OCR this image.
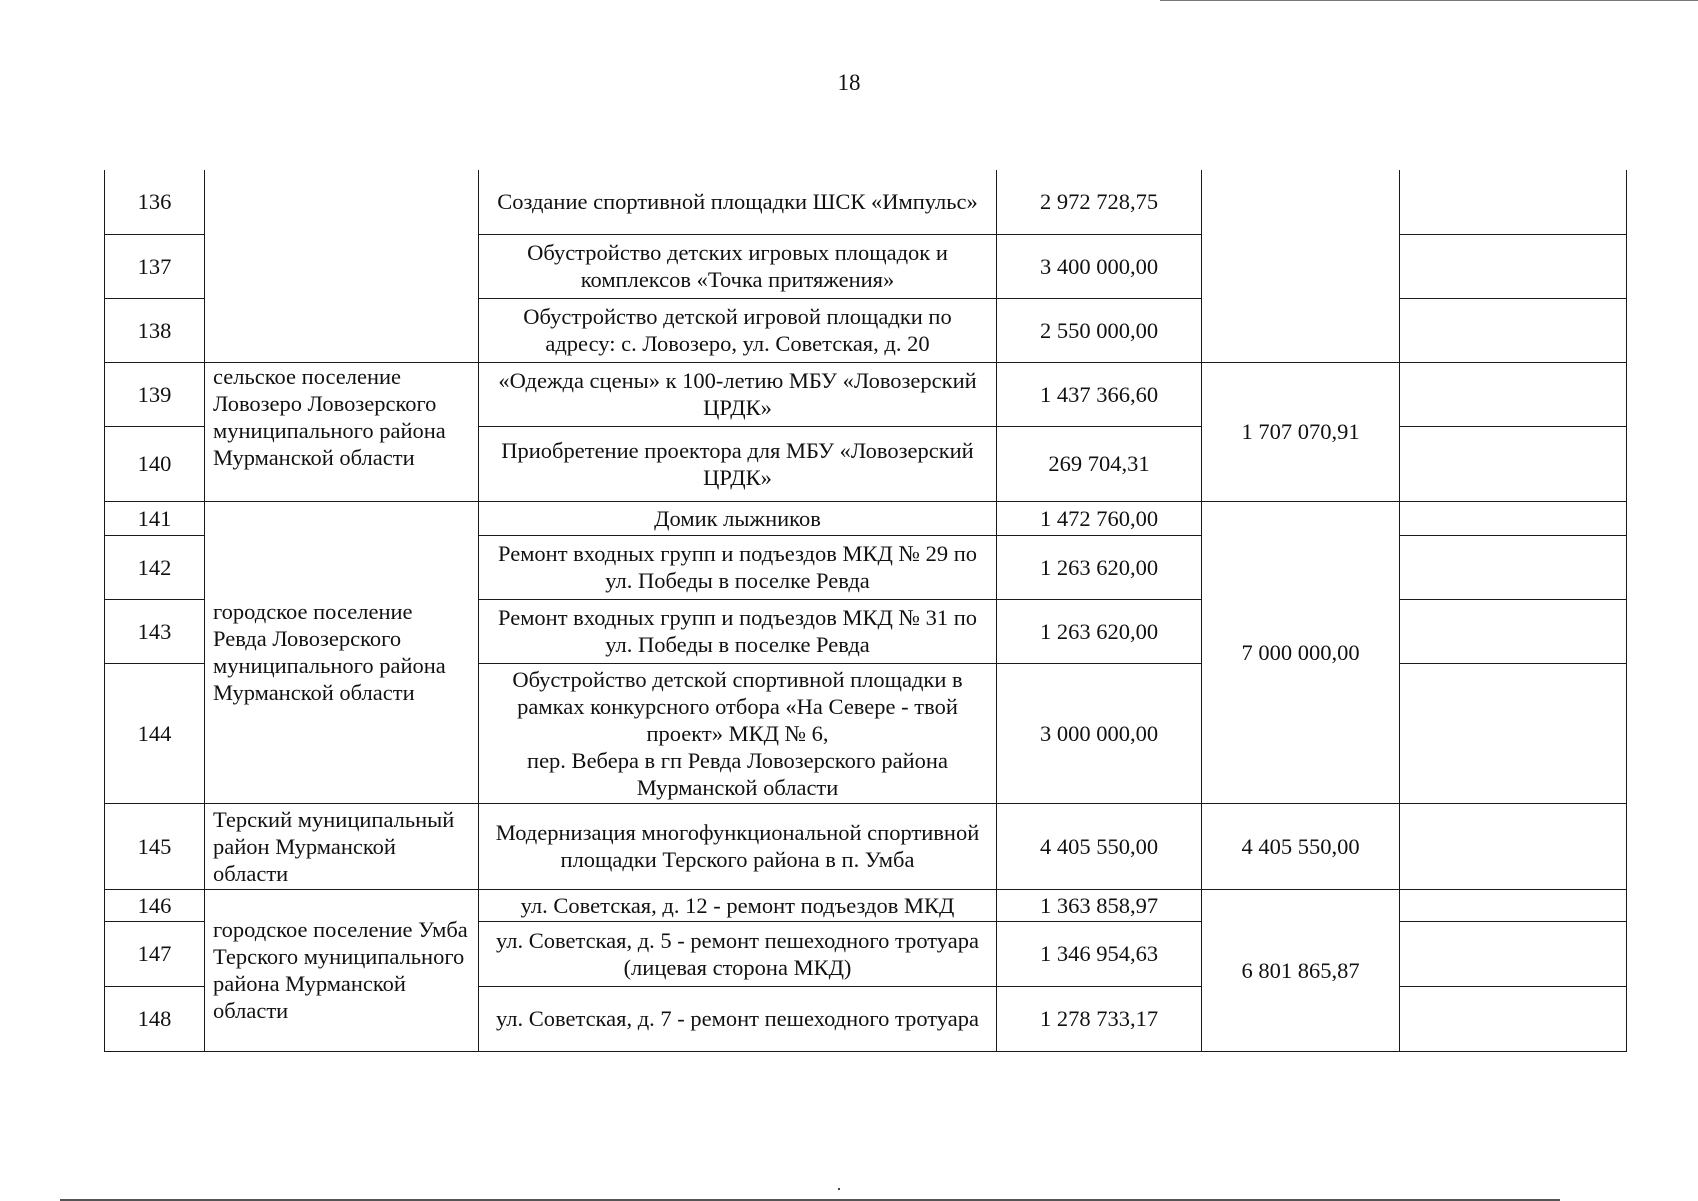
18
136		Создание спортивной площадки ШСК «Импульс»	2 972 728,75		
137		Обустройство детских игровых площадок и комплексов «Точка притяжения»	3 400 000,00		
138		Обустройство детской игровой площадки по адресу: с. Ловозеро, ул. Советская, д. 20	2 550 000,00		
139	сельское поселение Ловозеро Ловозерского муниципального района Мурманской области	«Одежда сцены» к 100-летию МБУ «Ловозерский ЦРДК»	1 437 366,60	1 707 070,91	
140		Приобретение проектора для МБУ «Ловозерский ЦРДК»	269 704,31		
141	городское поселение Ревда Ловозерского муниципального района Мурманской области	Домик лыжников	1 472 760,00	7 000 000,00	
142		Ремонт входных групп и подъездов МКД № 29 по ул. Победы в поселке Ревда	1 263 620,00		
143		Ремонт входных групп и подъездов МКД № 31 по ул. Победы в поселке Ревда	1 263 620,00		
144		Обустройство детской спортивной площадки в рамках конкурсного отбора «На Севере - твой проект» МКД № 6,
пер. Вебера в гп Ревда Ловозерского района Мурманской области	3 000 000,00		
145	Терский муниципальный район Мурманской области	Модернизация многофункциональной спортивной площадки Терского района в п. Умба	4 405 550,00	4 405 550,00	
146	городское поселение Умба Терского муниципального района Мурманской области	ул. Советская, д. 12 - ремонт подъездов МКД	1 363 858,97	6 801 865,87	
147		ул. Советская, д. 5 - ремонт пешеходного тротуара (лицевая сторона МКД)	1 346 954,63		
148		ул. Советская, д. 7 - ремонт пешеходного тротуара	1 278 733,17		
